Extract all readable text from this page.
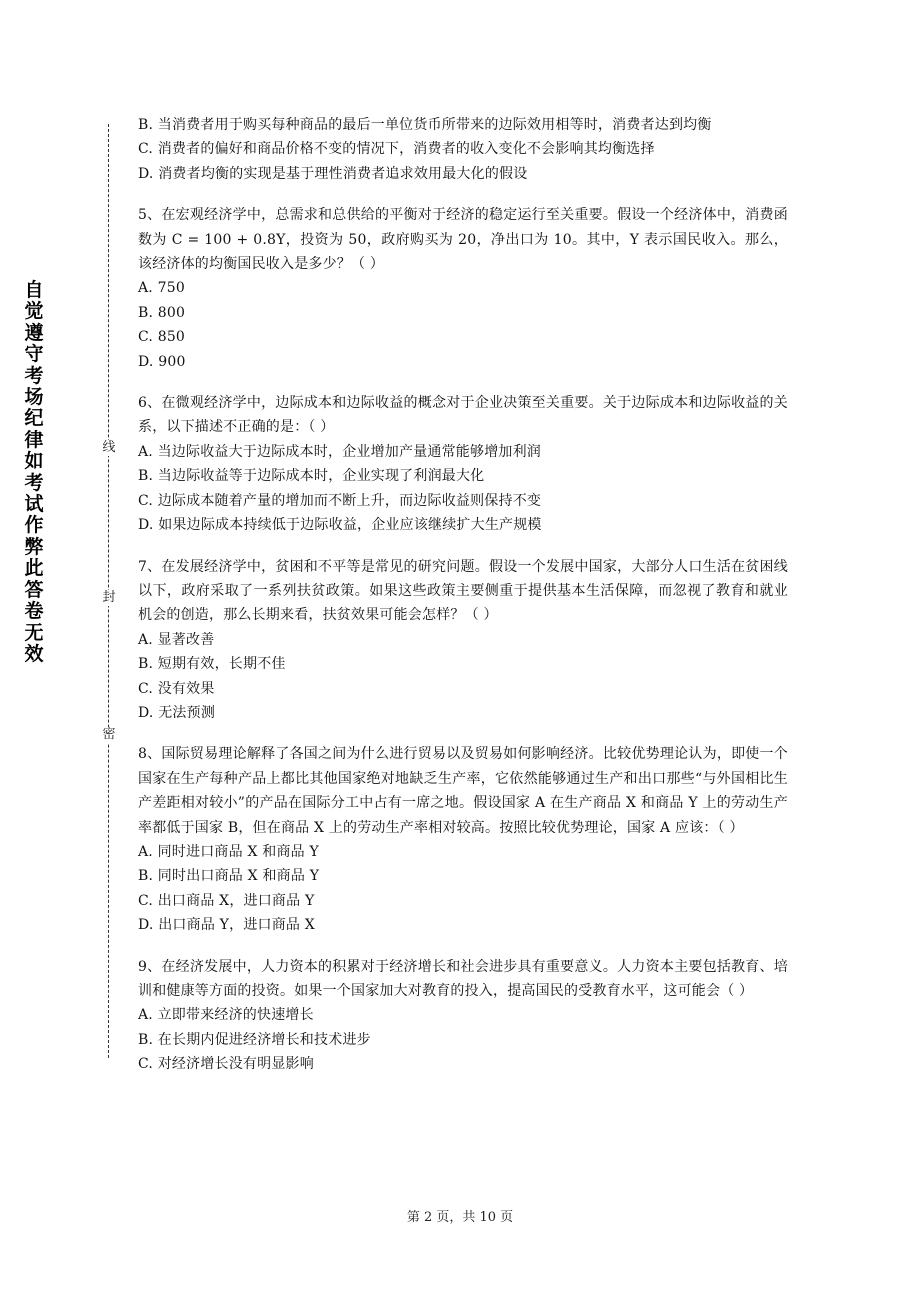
自
觉
遵
守
考
场
纪
律
如
考
试
作
弊
此
答
卷
无
效
线
封
密
B. 当消费者用于购买每种商品的最后一单位货币所带来的边际效用相等时，消费者达到均衡
C. 消费者的偏好和商品价格不变的情况下，消费者的收入变化不会影响其均衡选择
D. 消费者均衡的实现是基于理性消费者追求效用最大化的假设
5、在宏观经济学中，总需求和总供给的平衡对于经济的稳定运行至关重要。假设一个经济体中，消费函数为 C = 100 + 0.8Y，投资为 50，政府购买为 20，净出口为 10。其中，Y 表示国民收入。那么，该经济体的均衡国民收入是多少？（ ）
A. 750
B. 800
C. 850
D. 900
6、在微观经济学中，边际成本和边际收益的概念对于企业决策至关重要。关于边际成本和边际收益的关系，以下描述不正确的是：（ ）
A. 当边际收益大于边际成本时，企业增加产量通常能够增加利润
B. 当边际收益等于边际成本时，企业实现了利润最大化
C. 边际成本随着产量的增加而不断上升，而边际收益则保持不变
D. 如果边际成本持续低于边际收益，企业应该继续扩大生产规模
7、在发展经济学中，贫困和不平等是常见的研究问题。假设一个发展中国家，大部分人口生活在贫困线以下，政府采取了一系列扶贫政策。如果这些政策主要侧重于提供基本生活保障，而忽视了教育和就业机会的创造，那么长期来看，扶贫效果可能会怎样？（ ）
A. 显著改善
B. 短期有效，长期不佳
C. 没有效果
D. 无法预测
8、国际贸易理论解释了各国之间为什么进行贸易以及贸易如何影响经济。比较优势理论认为，即使一个国家在生产每种产品上都比其他国家绝对地缺乏生产率，它依然能够通过生产和出口那些“与外国相比生产差距相对较小”的产品在国际分工中占有一席之地。假设国家 A 在生产商品 X 和商品 Y 上的劳动生产率都低于国家 B，但在商品 X 上的劳动生产率相对较高。按照比较优势理论，国家 A 应该：（ ）
A. 同时进口商品 X 和商品 Y
B. 同时出口商品 X 和商品 Y
C. 出口商品 X，进口商品 Y
D. 出口商品 Y，进口商品 X
9、在经济发展中，人力资本的积累对于经济增长和社会进步具有重要意义。人力资本主要包括教育、培训和健康等方面的投资。如果一个国家加大对教育的投入，提高国民的受教育水平，这可能会（ ）
A. 立即带来经济的快速增长
B. 在长期内促进经济增长和技术进步
C. 对经济增长没有明显影响
第 2 页，共 10 页
